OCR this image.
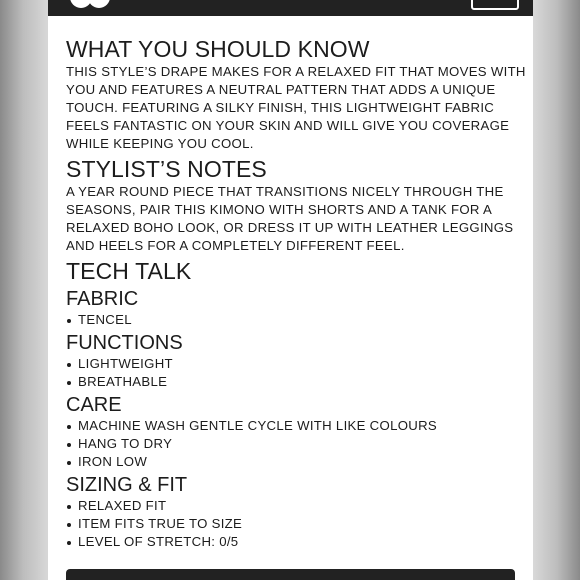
WHAT YOU SHOULD KNOW

THIS STYLE’S DRAPE MAKES FOR A RELAXED FIT THAT MOVES WITH YOU AND FEATURES A NEUTRAL PATTERN THAT ADDS A UNIQUE TOUCH. FEATURING A SILKY FINISH, THIS LIGHTWEIGHT FABRIC FEELS FANTASTIC ON YOUR SKIN AND WILL GIVE YOU COVERAGE WHILE KEEPING YOU COOL.

STYLIST’S NOTES

A YEAR ROUND PIECE THAT TRANSITIONS NICELY THROUGH THE SEASONS, PAIR THIS KIMONO WITH SHORTS AND A TANK FOR A RELAXED BOHO LOOK, OR DRESS IT UP WITH LEATHER LEGGINGS AND HEELS FOR A COMPLETELY DIFFERENT FEEL.

TECH TALK
FABRIC
TENCEL
FUNCTIONS
LIGHTWEIGHT
BREATHABLE
CARE
MACHINE WASH GENTLE CYCLE WITH LIKE COLOURS
HANG TO DRY
IRON LOW
SIZING & FIT
RELAXED FIT
ITEM FITS TRUE TO SIZE
LEVEL OF STRETCH: 0/5
